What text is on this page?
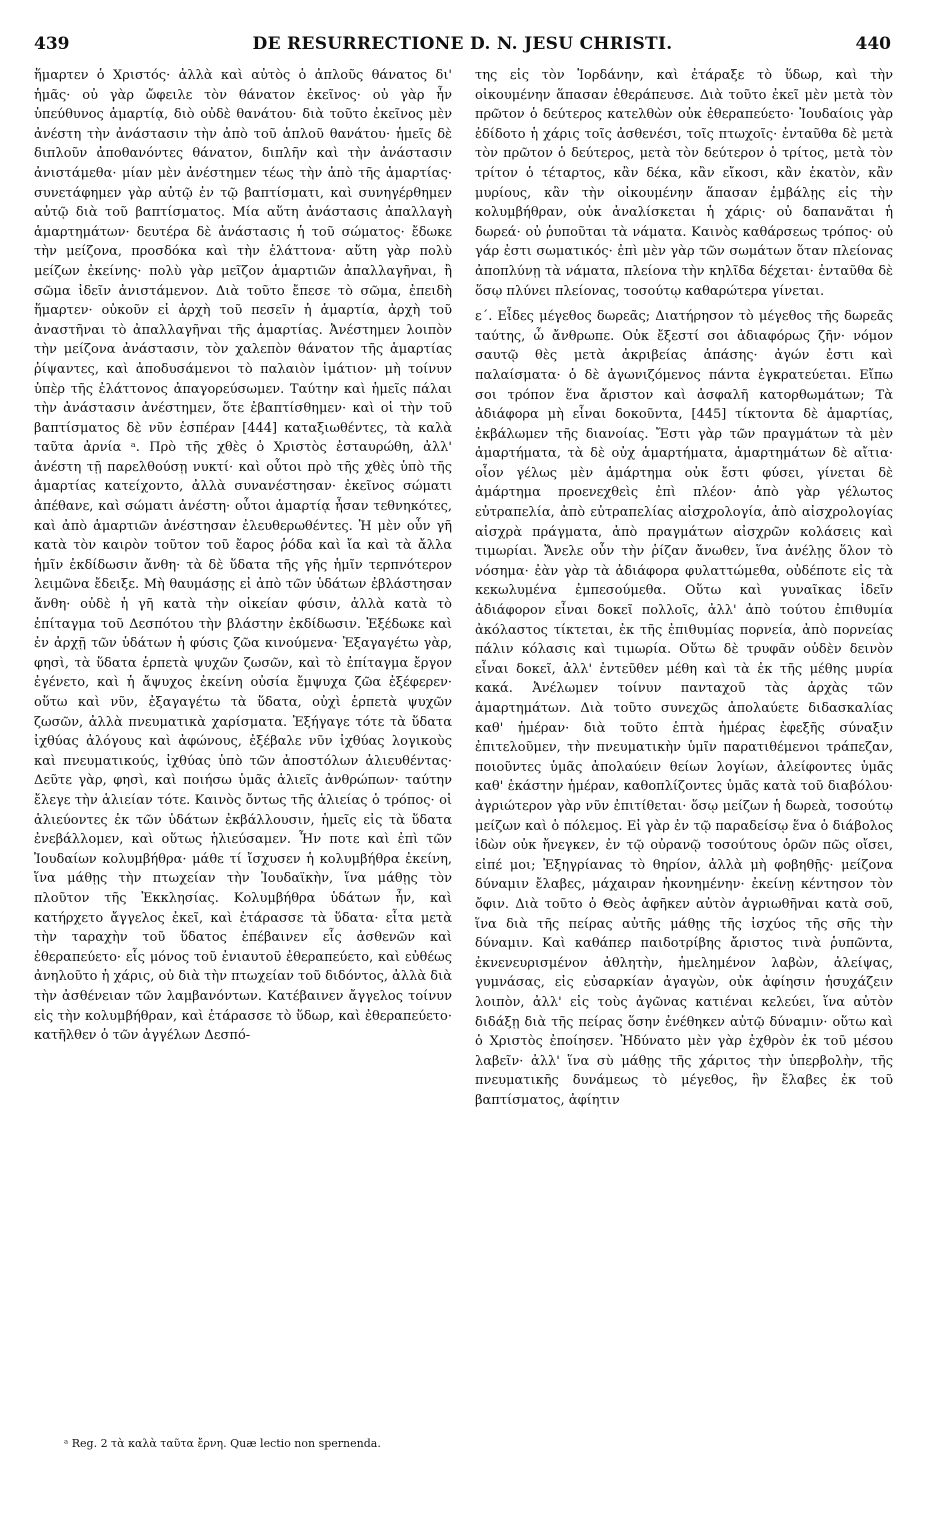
439	DE RESURRECTIONE D. N. JESU CHRISTI.	440

ἥμαρτεν ὁ Χριστός· ἀλλὰ καὶ αὐτὸς ὁ ἀπλοῦς θάνατος δι' ἡμᾶς· οὐ γὰρ ὤφειλε τὸν θάνατον ἐκεῖνος· οὐ γὰρ ἦν ὑπεύθυνος ἁμαρτίᾳ, διὸ οὐδὲ θανάτου· διὰ τοῦτο ἐκεῖνος μὲν ἀνέστη τὴν ἀνάστασιν τὴν ἀπὸ τοῦ ἁπλοῦ θανάτου· ἡμεῖς δὲ διπλοῦν ἀποθανόντες θάνατον, διπλῆν καὶ τὴν ἀνάστασιν ἀνιστάμεθα· μίαν μὲν ἀνέστημεν τέως τὴν ἀπὸ τῆς ἁμαρτίας· συνετάφημεν γὰρ αὐτῷ ἐν τῷ βαπτίσματι, καὶ συνηγέρθημεν αὐτῷ διὰ τοῦ βαπτίσματος. Μία αὕτη ἀνάστασις ἀπαλλαγὴ ἁμαρτημάτων· δευτέρα δὲ ἀνάστασις ἡ τοῦ σώματος· ἔδωκε τὴν μείζονα, προσδόκα καὶ τὴν ἐλάττονα· αὕτη γὰρ πολὺ μείζων ἐκείνης· πολὺ γὰρ μεῖζον ἁμαρτιῶν ἀπαλλαγῆναι, ἢ σῶμα ἰδεῖν ἀνιστάμενον. Διὰ τοῦτο ἔπεσε τὸ σῶμα, ἐπειδὴ ἥμαρτεν· οὐκοῦν εἰ ἀρχὴ τοῦ πεσεῖν ἡ ἁμαρτία, ἀρχὴ τοῦ ἀναστῆναι τὸ ἀπαλλαγῆναι τῆς ἁμαρτίας. Ἀνέστημεν λοιπὸν τὴν μείζονα ἀνάστασιν, τὸν χαλεπὸν θάνατον τῆς ἁμαρτίας ῥίψαντες, καὶ ἀποδυσάμενοι τὸ παλαιὸν ἱμάτιον· μὴ τοίνυν ὑπὲρ τῆς ἐλάττονος ἀπαγορεύσωμεν. Ταύτην καὶ ἡμεῖς πάλαι τὴν ἀνάστασιν ἀνέστημεν, ὅτε ἐβαπτίσθημεν· καὶ οἱ τὴν τοῦ βαπτίσματος δὲ νῦν ἑσπέραν [444] καταξιωθέντες, τὰ καλὰ ταῦτα ἀρνία ᵃ. Πρὸ τῆς χθὲς ὁ Χριστὸς ἐσταυρώθη, ἀλλ' ἀνέστη τῇ παρελθούσῃ νυκτί· καὶ οὗτοι πρὸ τῆς χθὲς ὑπὸ τῆς ἁμαρτίας κατείχοντο, ἀλλὰ συνανέστησαν· ἐκεῖνος σώματι ἀπέθανε, καὶ σώματι ἀνέστη· οὗτοι ἁμαρτίᾳ ἦσαν τεθνηκότες, καὶ ἀπὸ ἁμαρτιῶν ἀνέστησαν ἐλευθερωθέντες. Ἡ μὲν οὖν γῆ κατὰ τὸν καιρὸν τοῦτον τοῦ ἔαρος ῥόδα καὶ ἴα καὶ τὰ ἄλλα ἡμῖν ἐκδίδωσιν ἄνθη· τὰ δὲ ὕδατα τῆς γῆς ἡμῖν τερπνότερον λειμῶνα ἔδειξε. Μὴ θαυμάσῃς εἰ ἀπὸ τῶν ὑδάτων ἐβλάστησαν ἄνθη· οὐδὲ ἡ γῆ κατὰ τὴν οἰκείαν φύσιν, ἀλλὰ κατὰ τὸ ἐπίταγμα τοῦ Δεσπότου τὴν βλάστην ἐκδίδωσιν. Ἐξέδωκε καὶ ἐν ἀρχῇ τῶν ὑδάτων ἡ φύσις ζῶα κινούμενα· Ἐξαγαγέτω γὰρ, φησὶ, τὰ ὕδατα ἑρπετὰ ψυχῶν ζωσῶν, καὶ τὸ ἐπίταγμα ἔργον ἐγένετο, καὶ ἡ ἄψυχος ἐκείνη οὐσία ἔμψυχα ζῶα ἐξέφερεν· οὕτω καὶ νῦν, ἐξαγαγέτω τὰ ὕδατα, οὐχὶ ἑρπετὰ ψυχῶν ζωσῶν, ἀλλὰ πνευματικὰ χαρίσματα. Ἐξήγαγε τότε τὰ ὕδατα ἰχθύας ἀλόγους καὶ ἀφώνους, ἐξέβαλε νῦν ἰχθύας λογικοὺς καὶ πνευματικούς, ἰχθύας ὑπὸ τῶν ἀποστόλων ἁλιευθέντας· Δεῦτε γὰρ, φησὶ, καὶ ποιήσω ὑμᾶς ἁλιεῖς ἀνθρώπων· ταύτην ἔλεγε τὴν ἁλιείαν τότε. Καινὸς ὄντως τῆς ἁλιείας ὁ τρόπος· οἱ ἁλιεύοντες ἐκ τῶν ὑδάτων ἐκβάλλουσιν, ἡμεῖς εἰς τὰ ὕδατα ἐνεβάλλομεν, καὶ οὕτως ἡλιεύσαμεν. Ἦν ποτε καὶ ἐπὶ τῶν Ἰουδαίων κολυμβήθρα· μάθε τί ἴσχυσεν ἡ κολυμβήθρα ἐκείνη, ἵνα μάθῃς τὴν πτωχείαν τὴν Ἰουδαϊκὴν, ἵνα μάθῃς τὸν πλοῦτον τῆς Ἐκκλησίας. Κολυμβήθρα ὑδάτων ἦν, καὶ κατήρχετο ἄγγελος ἐκεῖ, καὶ ἐτάρασσε τὰ ὕδατα· εἶτα μετὰ τὴν ταραχὴν τοῦ ὕδατος ἐπέβαινεν εἷς ἀσθενῶν καὶ ἐθεραπεύετο· εἷς μόνος τοῦ ἐνιαυτοῦ ἐθεραπεύετο, καὶ εὐθέως ἀνηλοῦτο ἡ χάρις, οὐ διὰ τὴν πτωχείαν τοῦ διδόντος, ἀλλὰ διὰ τὴν ἀσθένειαν τῶν λαμβανόντων. Κατέβαινεν ἄγγελος τοίνυν εἰς τὴν κολυμβήθραν, καὶ ἐτάρασσε τὸ ὕδωρ, καὶ ἐθεραπεύετο· κατῆλθεν ὁ τῶν ἀγγέλων Δεσπό-

της εἰς τὸν Ἰορδάνην, καὶ ἐτάραξε τὸ ὕδωρ, καὶ τὴν οἰκουμένην ἅπασαν ἐθεράπευσε. Διὰ τοῦτο ἐκεῖ μὲν μετὰ τὸν πρῶτον ὁ δεύτερος κατελθὼν οὐκ ἐθεραπεύετο· Ἰουδαίοις γὰρ ἐδίδοτο ἡ χάρις τοῖς ἀσθενέσι, τοῖς πτωχοῖς· ἐνταῦθα δὲ μετὰ τὸν πρῶτον ὁ δεύτερος, μετὰ τὸν δεύτερον ὁ τρίτος, μετὰ τὸν τρίτον ὁ τέταρτος, κἂν δέκα, κἂν εἴκοσι, κἂν ἑκατὸν, κἂν μυρίους, κἂν τὴν οἰκουμένην ἅπασαν ἐμβάλῃς εἰς τὴν κολυμβήθραν, οὐκ ἀναλίσκεται ἡ χάρις· οὐ δαπανᾶται ἡ δωρεά· οὐ ῥυποῦται τὰ νάματα. Καινὸς καθάρσεως τρόπος· οὐ γάρ ἐστι σωματικός· ἐπὶ μὲν γὰρ τῶν σωμάτων ὅταν πλείονας ἀποπλύνῃ τὰ νάματα, πλείονα τὴν κηλῖδα δέχεται· ἐνταῦθα δὲ ὅσῳ πλύνει πλείονας, τοσούτῳ καθαρώτερα γίνεται.

ε΄. Εἶδες μέγεθος δωρεᾶς; Διατήρησον τὸ μέγεθος τῆς δωρεᾶς ταύτης, ὦ ἄνθρωπε. Οὐκ ἔξεστί σοι ἀδιαφόρως ζῆν· νόμον σαυτῷ θὲς μετὰ ἀκριβείας ἁπάσης· ἀγών ἐστι καὶ παλαίσματα· ὁ δὲ ἀγωνιζόμενος πάντα ἐγκρατεύεται. Εἴπω σοι τρόπον ἕνα ἄριστον καὶ ἀσφαλῆ κατορθωμάτων; Τὰ ἀδιάφορα μὴ εἶναι δοκοῦντα, [445] τίκτοντα δὲ ἁμαρτίας, ἐκβάλωμεν τῆς διανοίας. Ἔστι γὰρ τῶν πραγμάτων τὰ μὲν ἁμαρτήματα, τὰ δὲ οὐχ ἁμαρτήματα, ἁμαρτημάτων δὲ αἴτια· οἷον γέλως μὲν ἁμάρτημα οὐκ ἔστι φύσει, γίνεται δὲ ἁμάρτημα προενεχθεὶς ἐπὶ πλέον· ἀπὸ γὰρ γέλωτος εὐτραπελία, ἀπὸ εὐτραπελίας αἰσχρολογία, ἀπὸ αἰσχρολογίας αἰσχρὰ πράγματα, ἀπὸ πραγμάτων αἰσχρῶν κολάσεις καὶ τιμωρίαι. Ἄνελε οὖν τὴν ῥίζαν ἄνωθεν, ἵνα ἀνέλῃς ὅλον τὸ νόσημα· ἐὰν γὰρ τὰ ἀδιάφορα φυλαττώμεθα, οὐδέποτε εἰς τὰ κεκωλυμένα ἐμπεσούμεθα. Οὕτω καὶ γυναῖκας ἰδεῖν ἀδιάφορον εἶναι δοκεῖ πολλοῖς, ἀλλ' ἀπὸ τούτου ἐπιθυμία ἀκόλαστος τίκτεται, ἐκ τῆς ἐπιθυμίας πορνεία, ἀπὸ πορνείας πάλιν κόλασις καὶ τιμωρία. Οὕτω δὲ τρυφᾶν οὐδὲν δεινὸν εἶναι δοκεῖ, ἀλλ' ἐντεῦθεν μέθη καὶ τὰ ἐκ τῆς μέθης μυρία κακά. Ἀνέλωμεν τοίνυν πανταχοῦ τὰς ἀρχὰς τῶν ἁμαρτημάτων. Διὰ τοῦτο συνεχῶς ἀπολαύετε διδασκαλίας καθ' ἡμέραν· διὰ τοῦτο ἑπτὰ ἡμέρας ἐφεξῆς σύναξιν ἐπιτελοῦμεν, τὴν πνευματικὴν ὑμῖν παρατιθέμενοι τράπεζαν, ποιοῦντες ὑμᾶς ἀπολαύειν θείων λογίων, ἀλείφοντες ὑμᾶς καθ' ἑκάστην ἡμέραν, καθοπλίζοντες ὑμᾶς κατὰ τοῦ διαβόλου· ἀγριώτερον γὰρ νῦν ἐπιτίθεται· ὅσῳ μείζων ἡ δωρεὰ, τοσούτῳ μείζων καὶ ὁ πόλεμος. Εἰ γὰρ ἐν τῷ παραδείσῳ ἕνα ὁ διάβολος ἰδὼν οὐκ ἤνεγκεν, ἐν τῷ οὐρανῷ τοσούτους ὁρῶν πῶς οἴσει, εἰπέ μοι; Ἐξηγρίανας τὸ θηρίον, ἀλλὰ μὴ φοβηθῇς· μείζονα δύναμιν ἔλαβες, μάχαιραν ἠκονημένην· ἐκείνῃ κέντησον τὸν ὄφιν. Διὰ τοῦτο ὁ Θεὸς ἀφῆκεν αὐτὸν ἀγριωθῆναι κατὰ σοῦ, ἵνα διὰ τῆς πείρας αὐτῆς μάθῃς τῆς ἰσχύος τῆς σῆς τὴν δύναμιν. Καὶ καθάπερ παιδοτρίβης ἄριστος τινὰ ῥυπῶντα, ἐκνενευρισμένον ἀθλητὴν, ἠμελημένον λαβὼν, ἀλείψας, γυμνάσας, εἰς εὐσαρκίαν ἀγαγὼν, οὐκ ἀφίησιν ἡσυχάζειν λοιπὸν, ἀλλ' εἰς τοὺς ἀγῶνας κατιέναι κελεύει, ἵνα αὐτὸν διδάξῃ διὰ τῆς πείρας ὅσην ἐνέθηκεν αὐτῷ δύναμιν· οὕτω καὶ ὁ Χριστὸς ἐποίησεν. Ἠδύνατο μὲν γὰρ ἐχθρὸν ἐκ τοῦ μέσου λαβεῖν· ἀλλ' ἵνα σὺ μάθῃς τῆς χάριτος τὴν ὑπερβολὴν, τῆς πνευματικῆς δυνάμεως τὸ μέγεθος, ἣν ἔλαβες ἐκ τοῦ βαπτίσματος, ἀφίητιν

ᵃ Reg. 2 τὰ καλὰ ταῦτα ἔρνη. Quæ lectio non spernenda.
